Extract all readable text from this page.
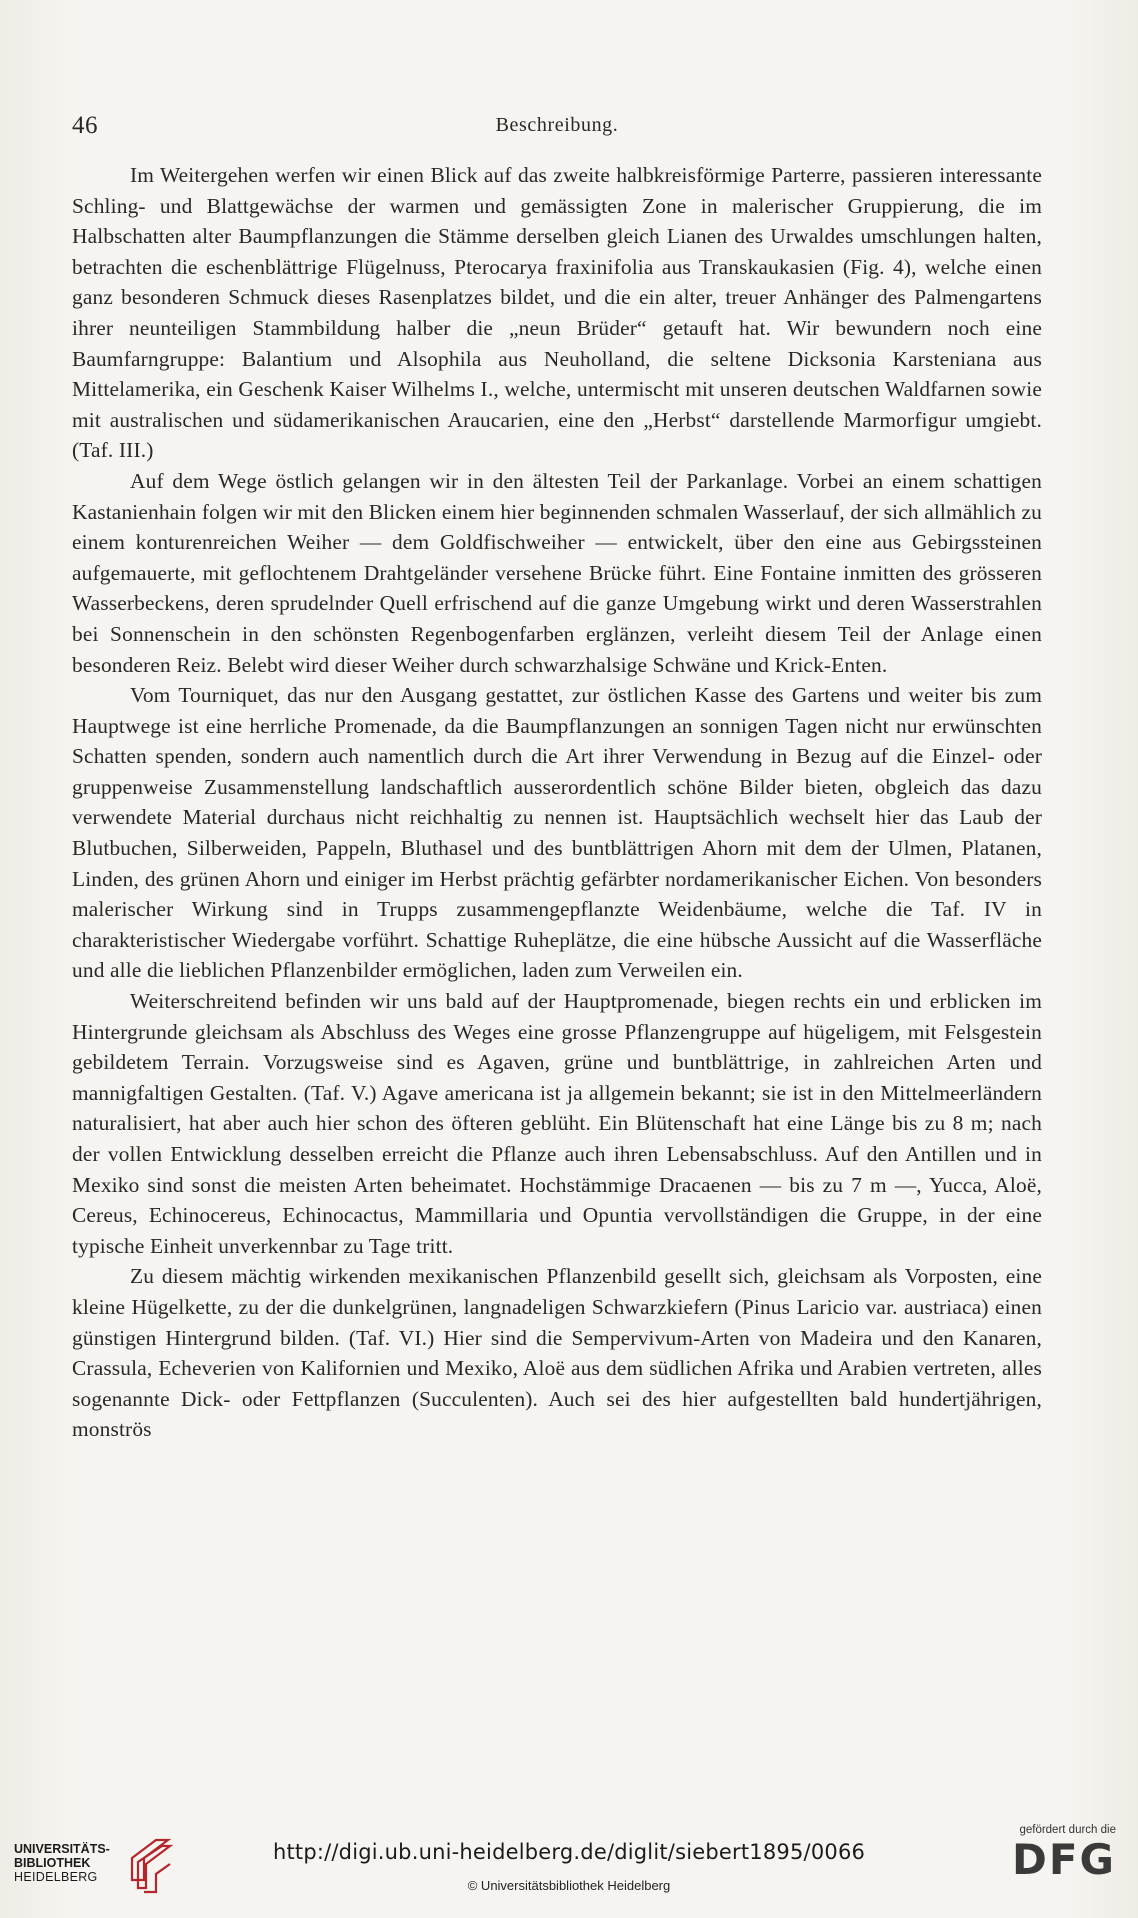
46	Beschreibung.

Im Weitergehen werfen wir einen Blick auf das zweite halbkreisförmige Parterre, passieren interessante Schling- und Blattgewächse der warmen und gemässigten Zone in malerischer Gruppierung, die im Halbschatten alter Baumpflanzungen die Stämme derselben gleich Lianen des Urwaldes umschlungen halten, betrachten die eschenblättrige Flügelnuss, Pterocarya fraxinifolia aus Transkaukasien (Fig. 4), welche einen ganz besonderen Schmuck dieses Rasenplatzes bildet, und die ein alter, treuer Anhänger des Palmengartens ihrer neunteiligen Stammbildung halber die „neun Brüder“ getauft hat. Wir bewundern noch eine Baumfarngruppe: Balantium und Alsophila aus Neuholland, die seltene Dicksonia Karsteniana aus Mittelamerika, ein Geschenk Kaiser Wilhelms I., welche, untermischt mit unseren deutschen Waldfarnen sowie mit australischen und südamerikanischen Araucarien, eine den „Herbst“ darstellende Marmorfigur umgiebt. (Taf. III.)

Auf dem Wege östlich gelangen wir in den ältesten Teil der Parkanlage. Vorbei an einem schattigen Kastanienhain folgen wir mit den Blicken einem hier beginnenden schmalen Wasserlauf, der sich allmählich zu einem konturenreichen Weiher — dem Goldfischweiher — entwickelt, über den eine aus Gebirgssteinen aufgemauerte, mit geflochtenem Drahtgeländer versehene Brücke führt. Eine Fontaine inmitten des grösseren Wasserbeckens, deren sprudelnder Quell erfrischend auf die ganze Umgebung wirkt und deren Wasserstrahlen bei Sonnenschein in den schönsten Regenbogenfarben erglänzen, verleiht diesem Teil der Anlage einen besonderen Reiz. Belebt wird dieser Weiher durch schwarzhalsige Schwäne und Krick-Enten.

Vom Tourniquet, das nur den Ausgang gestattet, zur östlichen Kasse des Gartens und weiter bis zum Hauptwege ist eine herrliche Promenade, da die Baumpflanzungen an sonnigen Tagen nicht nur erwünschten Schatten spenden, sondern auch namentlich durch die Art ihrer Verwendung in Bezug auf die Einzel- oder gruppenweise Zusammenstellung landschaftlich ausserordentlich schöne Bilder bieten, obgleich das dazu verwendete Material durchaus nicht reichhaltig zu nennen ist. Hauptsächlich wechselt hier das Laub der Blutbuchen, Silberweiden, Pappeln, Bluthasel und des buntblättrigen Ahorn mit dem der Ulmen, Platanen, Linden, des grünen Ahorn und einiger im Herbst prächtig gefärbter nordamerikanischer Eichen. Von besonders malerischer Wirkung sind in Trupps zusammengepflanzte Weidenbäume, welche die Taf. IV in charakteristischer Wiedergabe vorführt. Schattige Ruheplätze, die eine hübsche Aussicht auf die Wasserfläche und alle die lieblichen Pflanzenbilder ermöglichen, laden zum Verweilen ein.

Weiterschreitend befinden wir uns bald auf der Hauptpromenade, biegen rechts ein und erblicken im Hintergrunde gleichsam als Abschluss des Weges eine grosse Pflanzengruppe auf hügeligem, mit Felsgestein gebildetem Terrain. Vorzugsweise sind es Agaven, grüne und buntblättrige, in zahlreichen Arten und mannigfaltigen Gestalten. (Taf. V.) Agave americana ist ja allgemein bekannt; sie ist in den Mittelmeerländern naturalisiert, hat aber auch hier schon des öfteren geblüht. Ein Blütenschaft hat eine Länge bis zu 8 m; nach der vollen Entwicklung desselben erreicht die Pflanze auch ihren Lebensabschluss. Auf den Antillen und in Mexiko sind sonst die meisten Arten beheimatet. Hochstämmige Dracaenen — bis zu 7 m —, Yucca, Aloë, Cereus, Echinocereus, Echinocactus, Mammillaria und Opuntia vervollständigen die Gruppe, in der eine typische Einheit unverkennbar zu Tage tritt.

Zu diesem mächtig wirkenden mexikanischen Pflanzenbild gesellt sich, gleichsam als Vorposten, eine kleine Hügelkette, zu der die dunkelgrünen, langnadeligen Schwarzkiefern (Pinus Laricio var. austriaca) einen günstigen Hintergrund bilden. (Taf. VI.) Hier sind die Sempervivum-Arten von Madeira und den Kanaren, Crassula, Echeverien von Kalifornien und Mexiko, Aloë aus dem südlichen Afrika und Arabien vertreten, alles sogenannte Dick- oder Fettpflanzen (Succulenten). Auch sei des hier aufgestellten bald hundertjährigen, monströs

UNIVERSITÄTS-
BIBLIOTHEK
HEIDELBERG
http://digi.ub.uni-heidelberg.de/diglit/siebert1895/0066
© Universitätsbibliothek Heidelberg
gefördert durch die
DFG
